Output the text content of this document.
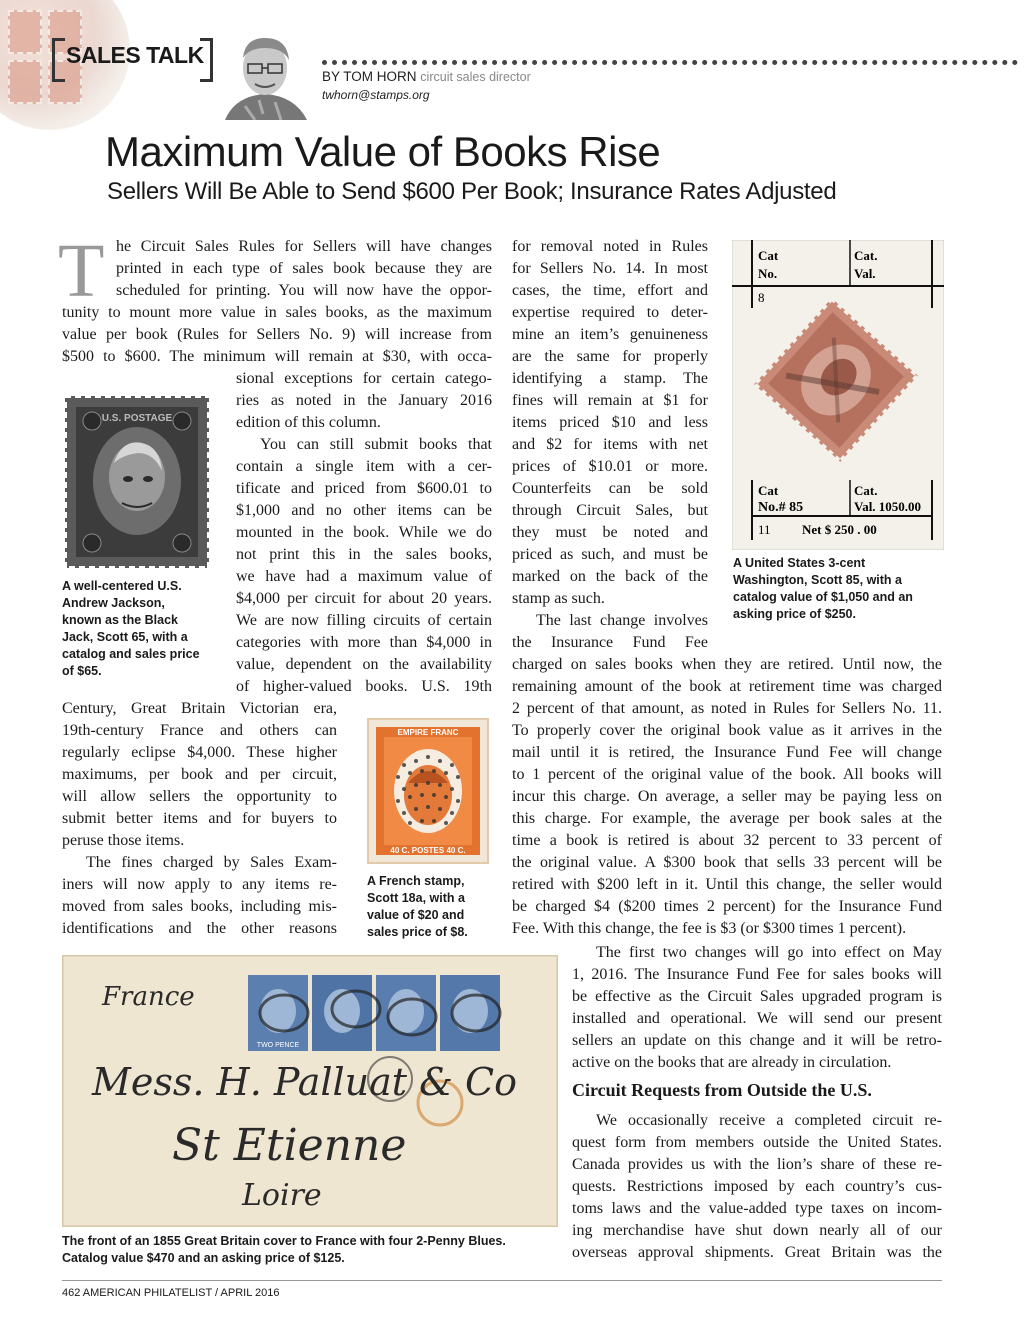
SALES TALK
BY TOM HORN circuit sales director
twhorn@stamps.org
Maximum Value of Books Rise
Sellers Will Be Able to Send $600 Per Book; Insurance Rates Adjusted
T he Circuit Sales Rules for Sellers will have changes
printed in each type of sales book because they are
scheduled for printing. You will now have the oppor-
tunity to mount more value in sales books, as the maximum
value per book (Rules for Sellers No. 9) will increase from
$500 to $600. The minimum will remain at $30, with occa-
sional exceptions for certain catego-
ries as noted in the January 2016
edition of this column.
You can still submit books that
contain a single item with a cer-
tificate and priced from $600.01 to
$1,000 and no other items can be
mounted in the book. While we do
not print this in the sales books,
we have had a maximum value of
$4,000 per circuit for about 20 years.
We are now filling circuits of certain
categories with more than $4,000 in
value, dependent on the availability
of higher-valued books. U.S. 19th
Century, Great Britain Victorian era,
19th-century France and others can
regularly eclipse $4,000. These higher
maximums, per book and per circuit,
will allow sellers the opportunity to
submit better items and for buyers to
peruse those items.
The fines charged by Sales Exam-
iners will now apply to any items re-
moved from sales books, including mis-
identifications and the other reasons
for removal noted in Rules
for Sellers No. 14. In most
cases, the time, effort and
expertise required to deter-
mine an item’s genuineness
are the same for properly
identifying a stamp. The
fines will remain at $1 for
items priced $10 and less
and $2 for items with net
prices of $10.01 or more.
Counterfeits can be sold
through Circuit Sales, but
they must be noted and
priced as such, and must be
marked on the back of the
stamp as such.
The last change involves
the Insurance Fund Fee
charged on sales books when they are retired. Until now, the
remaining amount of the book at retirement time was charged
2 percent of that amount, as noted in Rules for Sellers No. 11.
To properly cover the original book value as it arrives in the
mail until it is retired, the Insurance Fund Fee will change
to 1 percent of the original value of the book. All books will
incur this charge. On average, a seller may be paying less on
this charge. For example, the average per book sales at the
time a book is retired is about 32 percent to 33 percent of
the original value. A $300 book that sells 33 percent will be
retired with $200 left in it. Until this change, the seller would
be charged $4 ($200 times 2 percent) for the Insurance Fund
Fee. With this change, the fee is $3 (or $300 times 1 percent).
The first two changes will go into effect on May
1, 2016. The Insurance Fund Fee for sales books will
be effective as the Circuit Sales upgraded program is
installed and operational. We will send our present
sellers an update on this change and it will be retro-
active on the books that are already in circulation.
We occasionally receive a completed circuit re-
quest form from members outside the United States.
Canada provides us with the lion’s share of these re-
quests. Restrictions imposed by each country’s cus-
toms laws and the value-added type taxes on incom-
ing merchandise have shut down nearly all of our
overseas approval shipments. Great Britain was the
Circuit Requests from Outside the U.S.
U.S. POSTAGE
A well-centered U.S.
Andrew Jackson,
known as the Black
Jack, Scott 65, with a
catalog and sales price
of $65.
Cat
No.
Cat.
Val.
8
Cat
No.# 85
Cat.
Val. 1050.00
11 Net $ 250 . 00
A United States 3-cent
Washington, Scott 85, with a
catalog value of $1,050 and an
asking price of $250.
EMPIRE FRANC
40 C. POSTES 40 C.
A French stamp,
Scott 18a, with a
value of $20 and
sales price of $8.
TWO PENCE
France
Mess. H. Palluat & Co
St Etienne
Loire
The front of an 1855 Great Britain cover to France with four 2-Penny Blues.
Catalog value $470 and an asking price of $125.
462 AMERICAN PHILATELIST / APRIL 2016
